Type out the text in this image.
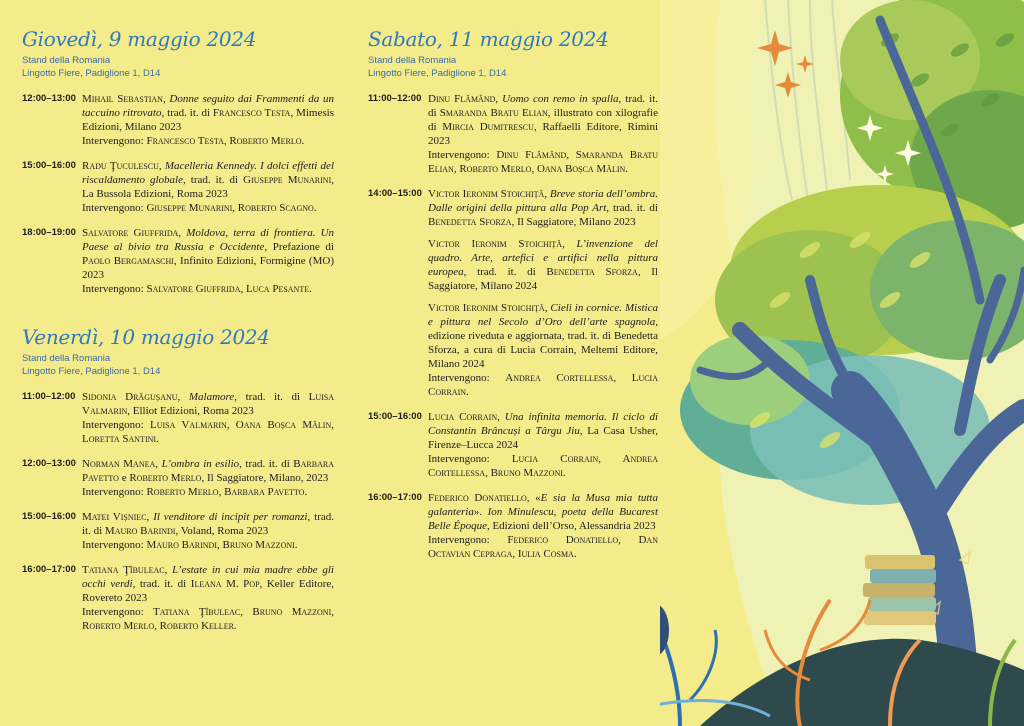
Giovedì, 9 maggio 2024
Stand della Romania
Lingotto Fiere, Padiglione 1, D14
12:00–13:00 Mihail Sebastian, Donne seguito dai Frammenti da un taccuino ritrovato, trad. it. di Francesco Testa, Mimesis Edizioni, Milano 2023

Intervengono: Francesco Testa, Roberto Merlo.

15:00–16:00 Radu Ţuculescu, Macelleria Kennedy. I dolci effetti del riscaldamento globale, trad. it. di Giuseppe Munarini, La Bussola Edizioni, Roma 2023

Intervengono: Giuseppe Munarini, Roberto Scagno.

18:00–19:00 Salvatore Giuffrida, Moldova, terra di frontiera. Un Paese al bivio tra Russia e Occidente, Prefazione di Paolo Bergamaschi, Infinito Edizioni, Formigine (MO) 2023

Intervengono: Salvatore Giuffrida, Luca Pesante.

Venerdì, 10 maggio 2024
Stand della Romania
Lingotto Fiere, Padiglione 1, D14
11:00–12:00 Sidonia Drăgușanu, Malamore, trad. it. di Luisa Valmarin, Elliot Edizioni, Roma 2023

Intervengono: Luisa Valmarin, Oana Boșca Mălin, Loretta Santini.

12:00–13:00 Norman Manea, L’ombra in esilio, trad. it. di Barbara Pavetto e Roberto Merlo, Il Saggiatore, Milano, 2023

Intervengono: Roberto Merlo, Barbara Pavetto.

15:00–16:00 Matei Vișniec, Il venditore di incipit per romanzi, trad. it. di Mauro Barindi, Voland, Roma 2023

Intervengono: Mauro Barindi, Bruno Mazzoni.

16:00–17:00 Tatiana Ţîbuleac, L’estate in cui mia madre ebbe gli occhi verdi, trad. it. di Ileana M. Pop, Keller Editore, Rovereto 2023

Intervengono: Tatiana Ţîbuleac, Bruno Mazzoni, Roberto Merlo, Roberto Keller.

Sabato, 11 maggio 2024
Stand della Romania
Lingotto Fiere, Padiglione 1, D14
11:00–12:00 Dinu Flămând, Uomo con remo in spalla, trad. it. di Smaranda Bratu Elian, illustrato con xilografie di Mircia Dumitrescu, Raffaelli Editore, Rimini 2023

Intervengono: Dinu Flămând, Smaranda Bratu Elian, Roberto Merlo, Oana Boșca Mălin.

14:00–15:00 Victor Ieronim Stoichiță, Breve storia dell’ombra. Dalle origini della pittura alla Pop Art, trad. it. di Benedetta Sforza, Il Saggiatore, Milano 2023

Victor Ieronim Stoichiță, L’invenzione del quadro. Arte, artefici e artifici nella pittura europea, trad. it. di Benedetta Sforza, Il Saggiatore, Milano 2024

Victor Ieronim Stoichiță, Cieli in cornice. Mistica e pittura nel Secolo d’Oro dell’arte spagnola, edizione riveduta e aggiornata, trad. it. di Benedetta Sforza, a cura di Lucia Corrain, Meltemi Editore, Milano 2024

Intervengono: Andrea Cortellessa, Lucia Corrain.

15:00–16:00 Lucia Corrain, Una infinita memoria. Il ciclo di Constantin Brâncuși a Târgu Jiu, La Casa Usher, Firenze–Lucca 2024

Intervengono: Lucia Corrain, Andrea Cortellessa, Bruno Mazzoni.

16:00–17:00 Federico Donatiello, «E sia la Musa mia tutta galanteria». Ion Minulescu, poeta della Bucarest Belle Époque, Edizioni dell’Orso, Alessandria 2023

Intervengono: Federico Donatiello, Dan Octavian Cepraga, Iulia Cosma.
